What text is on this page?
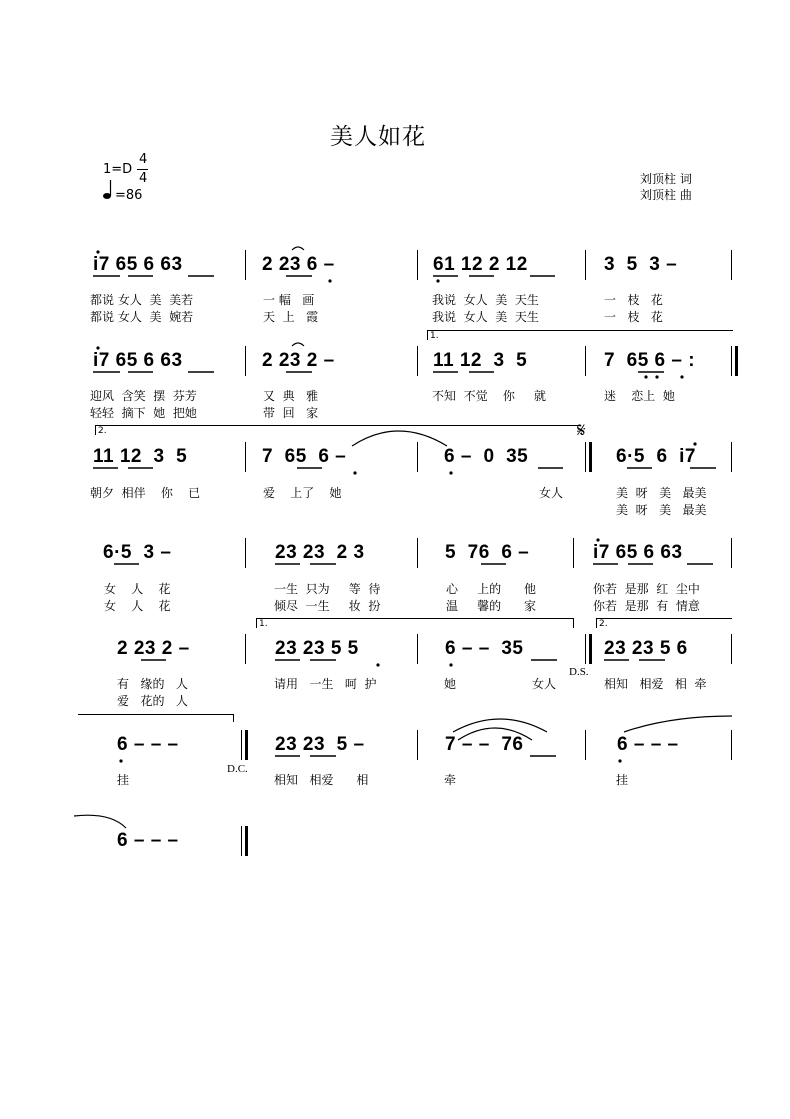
美人如花
1=D
4
4
=86
刘顶柱 词
刘顶柱 曲
i7 65 6 63	2 23 6 –	61 12 2 12	3  5  3 –
都说 女人  美  美若	一 幅   画	我说  女人  美  天生	一   枝   花
都说 女人  美  婉若	天  上   霞	我说  女人  美  天生	一   枝   花
1.
i7 65 6 63	2 23 2 –	11 12  3  5	7  65 6 – :
迎风  含笑  摆  芬芳	又  典   雅	不知  不觉    你     就	迷    恋上  她
轻轻  摘下  她  把她	带  回   家
2.
11 12  3  5	7  65  6 –	6 –  0  35	6·5  6  i7
𝄋
朝夕  相伴    你    已	爱    上了    她	女人	美  呀   美   最美
美  呀   美   最美
6·5  3 –	23 23  2 3	5  76  6 –	i7 65 6 63
女    人    花	一生  只为     等  待	心     上的      他	你若  是那  红  尘中
女    人    花	倾尽  一生     妆  扮	温     馨的      家	你若  是那  有  情意
1.	2.
2 23 2 –	23 23 5 5	6 – –  35	23 23 5 6
D.S.
有   缘的   人	请用   一生   呵  护	她	女人	相知   相爱   相  牵
爱   花的   人
6 – – –	23 23  5 –	7 – –  76	6 – – –
D.C.
挂	相知   相爱      相	牵	挂
6 – – –
